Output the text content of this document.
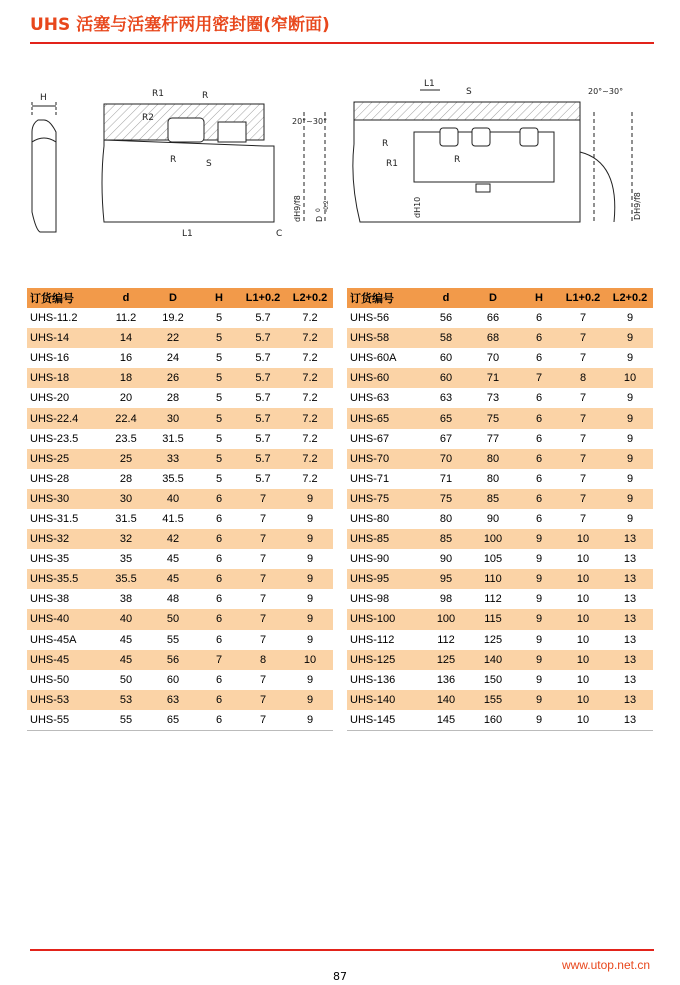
UHS 活塞与活塞杆两用密封圈(窄断面)
H	R1
R2
R
R	S
20°~30°
L1	C
dH9/f8 D
0 -0.2
L1
S	20°~30°
R
R1	R
dH10	DH9/f8
订货编号	d	D	H	L1+0.2	L2+0.2
UHS-11.2	11.2	19.2	5	5.7	7.2
UHS-14	14	22	5	5.7	7.2
UHS-16	16	24	5	5.7	7.2
UHS-18	18	26	5	5.7	7.2
UHS-20	20	28	5	5.7	7.2
UHS-22.4	22.4	30	5	5.7	7.2
UHS-23.5	23.5	31.5	5	5.7	7.2
UHS-25	25	33	5	5.7	7.2
UHS-28	28	35.5	5	5.7	7.2
UHS-30	30	40	6	7	9
UHS-31.5	31.5	41.5	6	7	9
UHS-32	32	42	6	7	9
UHS-35	35	45	6	7	9
UHS-35.5	35.5	45	6	7	9
UHS-38	38	48	6	7	9
UHS-40	40	50	6	7	9
UHS-45A	45	55	6	7	9
UHS-45	45	56	7	8	10
UHS-50	50	60	6	7	9
UHS-53	53	63	6	7	9
UHS-55	55	65	6	7	9
订货编号	d	D	H	L1+0.2	L2+0.2
UHS-56	56	66	6	7	9
UHS-58	58	68	6	7	9
UHS-60A	60	70	6	7	9
UHS-60	60	71	7	8	10
UHS-63	63	73	6	7	9
UHS-65	65	75	6	7	9
UHS-67	67	77	6	7	9
UHS-70	70	80	6	7	9
UHS-71	71	80	6	7	9
UHS-75	75	85	6	7	9
UHS-80	80	90	6	7	9
UHS-85	85	100	9	10	13
UHS-90	90	105	9	10	13
UHS-95	95	110	9	10	13
UHS-98	98	112	9	10	13
UHS-100	100	115	9	10	13
UHS-112	112	125	9	10	13
UHS-125	125	140	9	10	13
UHS-136	136	150	9	10	13
UHS-140	140	155	9	10	13
UHS-145	145	160	9	10	13
www.utop.net.cn
87
